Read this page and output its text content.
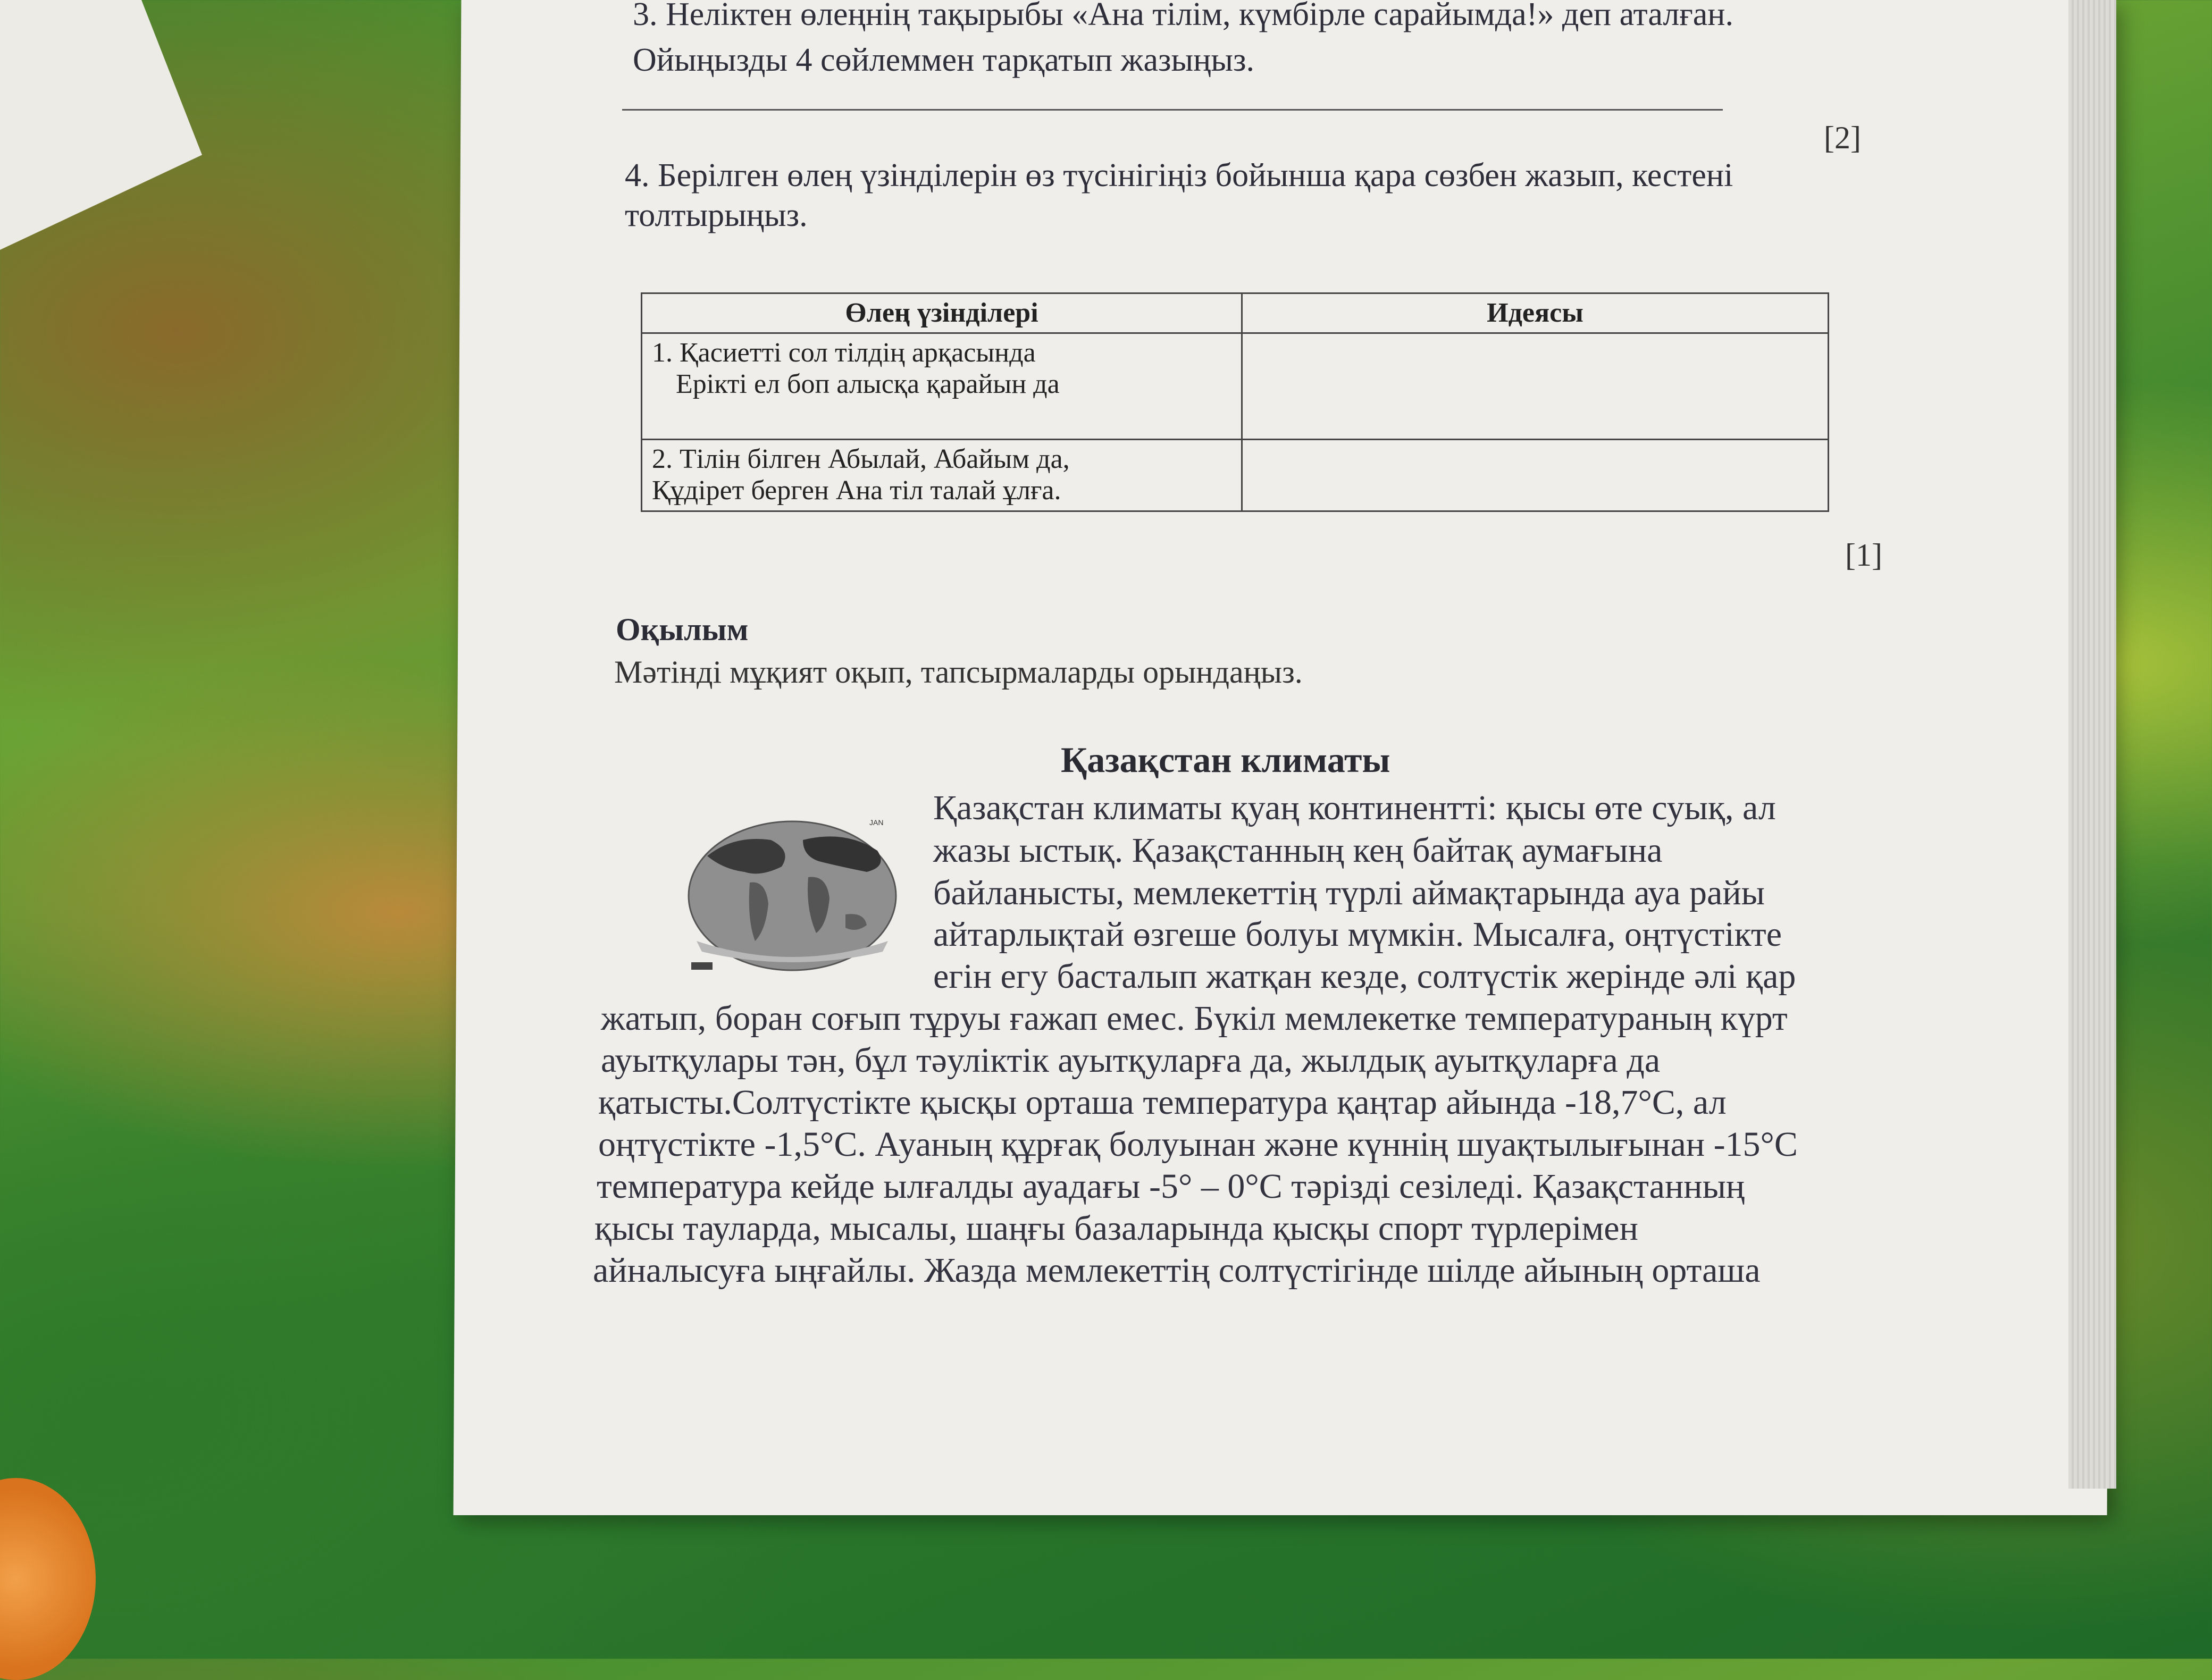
3. Неліктен өлеңнің тақырыбы «Ана тілім, күмбірле сарайымда!» деп аталған.
Ойыңызды 4 сөйлеммен тарқатып жазыңыз.
[2]
4. Берілген өлең үзінділерін өз түсінігіңіз бойынша қара сөзбен жазып, кестені
толтырыңыз.
Өлең үзінділері	Идеясы

1. Қасиетті сол тілдің арқасында
Ерікті ел боп алысқа қарайын да	

2. Тілін білген Абылай, Абайым да,
Құдірет берген Ана тіл талай ұлға.	

[1]
Оқылым
Мәтінді мұқият оқып, тапсырмаларды орындаңыз.
Қазақстан климаты
JAN Қазақстан климаты қуаң континентті: қысы өте суық, ал
жазы ыстық. Қазақстанның кең байтақ аумағына
байланысты, мемлекеттің түрлі аймақтарында ауа райы
айтарлықтай өзгеше болуы мүмкін. Мысалға, оңтүстікте
егін егу басталып жатқан кезде, солтүстік жерінде әлі қар
жатып, боран соғып тұруы ғажап емес. Бүкіл мемлекетке температураның күрт
ауытқулары тән, бұл тәуліктік ауытқуларға да, жылдық ауытқуларға да
қатысты.Солтүстікте қысқы орташа температура қаңтар айында -18,7°С, ал
оңтүстікте -1,5°С. Ауаның құрғақ болуынан және күннің шуақтылығынан -15°С
температура кейде ылғалды ауадағы -5° – 0°С тәрізді сезіледі. Қазақстанның
қысы тауларда, мысалы, шаңғы базаларында қысқы спорт түрлерімен
айналысуға ыңғайлы. Жазда мемлекеттің солтүстігінде шілде айының орташа
